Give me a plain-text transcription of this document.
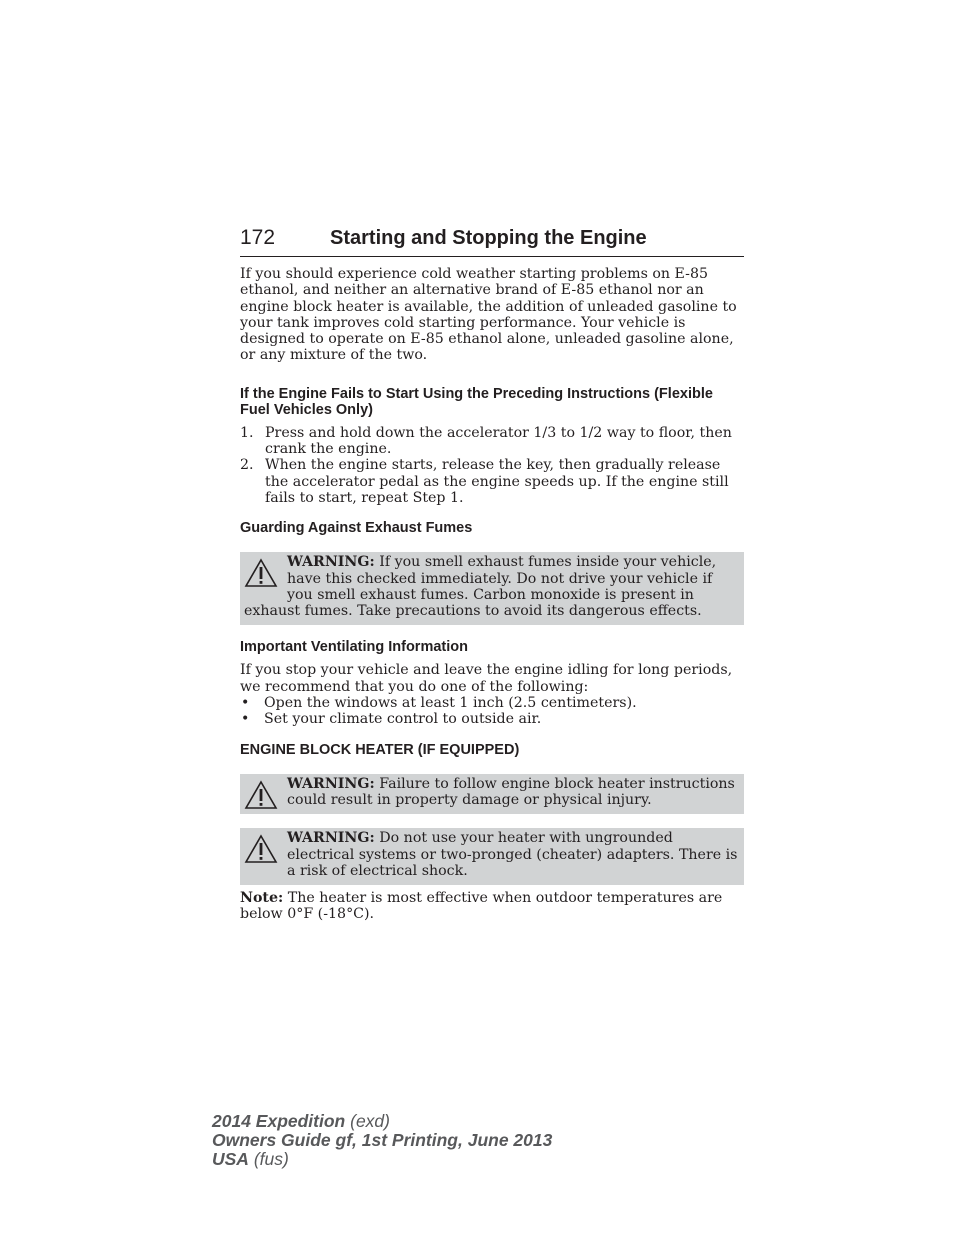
172	Starting and Stopping the Engine

If you should experience cold weather starting problems on E-85 ethanol, and neither an alternative brand of E-85 ethanol nor an engine block heater is available, the addition of unleaded gasoline to your tank improves cold starting performance. Your vehicle is designed to operate on E-85 ethanol alone, unleaded gasoline alone, or any mixture of the two.

If the Engine Fails to Start Using the Preceding Instructions (Flexible Fuel Vehicles Only)
1. Press and hold down the accelerator 1/3 to 1/2 way to floor, then crank the engine.
2. When the engine starts, release the key, then gradually release the accelerator pedal as the engine speeds up. If the engine still fails to start, repeat Step 1.
Guarding Against Exhaust Fumes
WARNING: If you smell exhaust fumes inside your vehicle, have this checked immediately. Do not drive your vehicle if you smell exhaust fumes. Carbon monoxide is present in exhaust fumes. Take precautions to avoid its dangerous effects.
Important Ventilating Information

If you stop your vehicle and leave the engine idling for long periods, we recommend that you do one of the following:

•	Open the windows at least 1 inch (2.5 centimeters).
•	Set your climate control to outside air.
ENGINE BLOCK HEATER (IF EQUIPPED)
WARNING: Failure to follow engine block heater instructions could result in property damage or physical injury.
WARNING: Do not use your heater with ungrounded electrical systems or two-pronged (cheater) adapters. There is a risk of electrical shock.

Note: The heater is most effective when outdoor temperatures are below 0°F (-18°C).

2014 Expedition (exd)
Owners Guide gf, 1st Printing, June 2013
USA (fus)
